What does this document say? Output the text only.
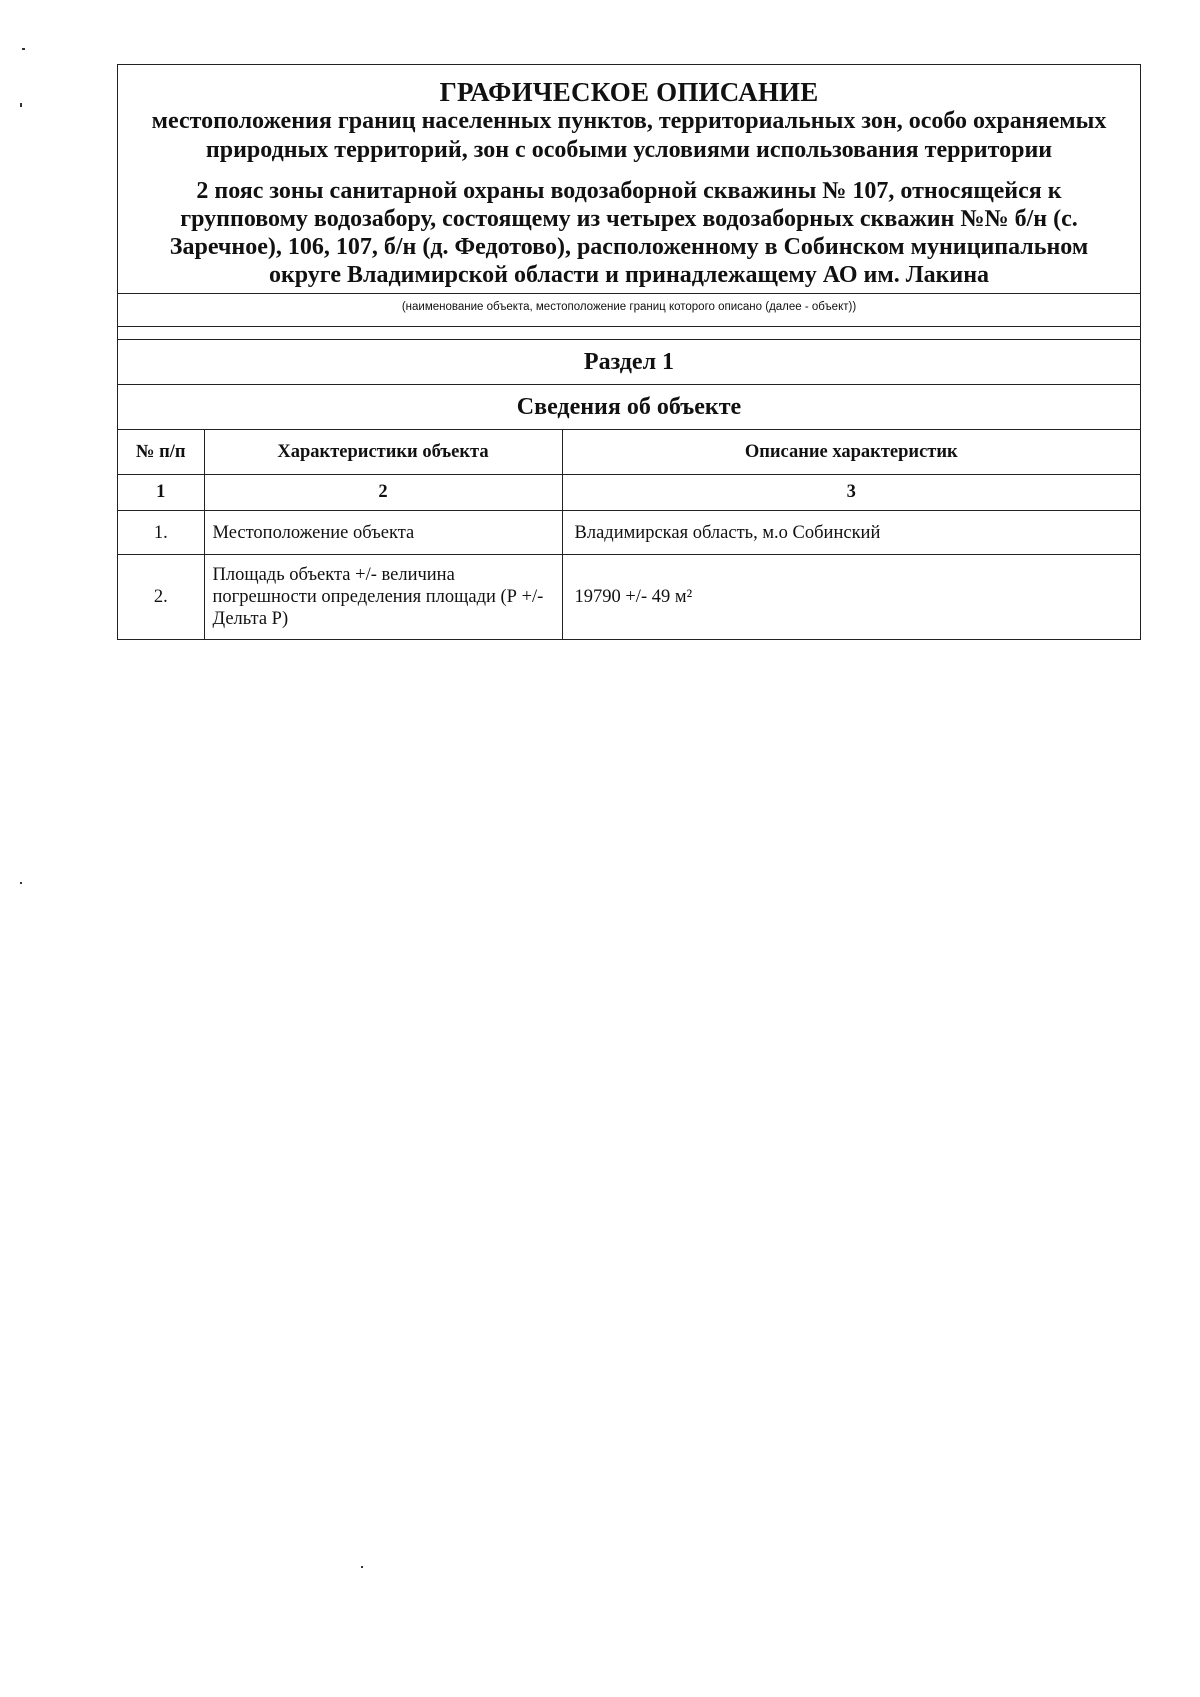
ГРАФИЧЕСКОЕ ОПИСАНИЕ
местоположения границ населенных пунктов, территориальных зон, особо охраняемых природных территорий, зон с особыми условиями использования территории
2 пояс зоны санитарной охраны водозаборной скважины № 107, относящейся к групповому водозабору, состоящему из четырех водозаборных скважин №№ б/н (с. Заречное), 106, 107, б/н (д. Федотово), расположенному в Собинском муниципальном округе Владимирской области и принадлежащему АО им. Лакина
(наименование объекта, местоположение границ которого описано (далее - объект))
Раздел 1
Сведения об объекте
№ п/п	Характеристики объекта	Описание характеристик
1	2	3
1.	Местоположение объекта	Владимирская область, м.о Собинский
2.	Площадь объекта +/- величина погрешности определения площади (Р +/- Дельта Р)	19790 +/- 49 м²
